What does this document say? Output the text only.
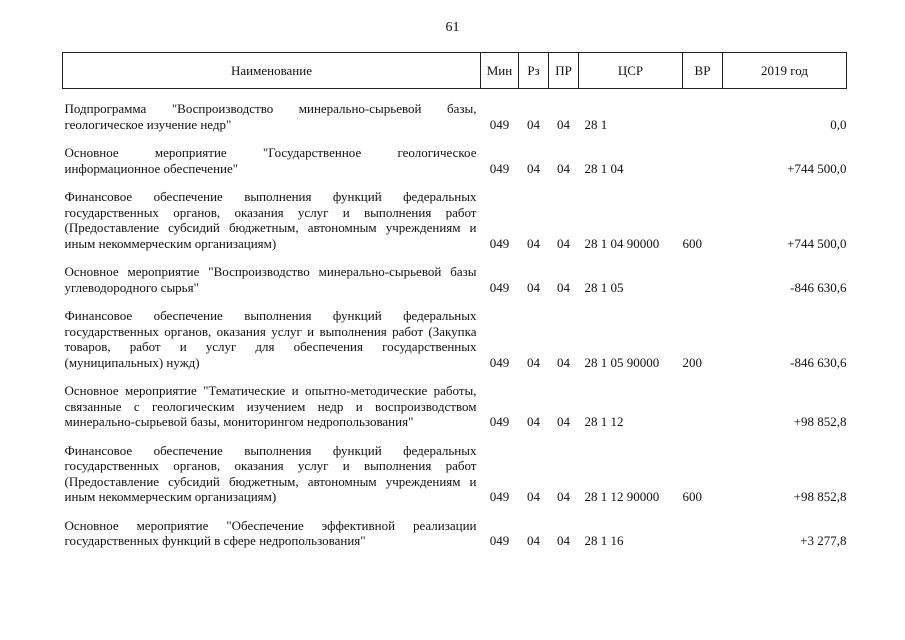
61
Наименование	Мин	Рз	ПР	ЦСР	ВР	2019 год
Подпрограмма "Воспроизводство минерально-сырьевой базы, геологическое изучение недр"	049	04	04	28 1		0,0
Основное мероприятие "Государственное геологическое информационное обеспечение"	049	04	04	28 1 04		+744 500,0
Финансовое обеспечение выполнения функций федеральных государственных органов, оказания услуг и выполнения работ (Предоставление субсидий бюджетным, автономным учреждениям и иным некоммерческим организациям)	049	04	04	28 1 04 90000	600	+744 500,0
Основное мероприятие "Воспроизводство минерально-сырьевой базы углеводородного сырья"	049	04	04	28 1 05		-846 630,6
Финансовое обеспечение выполнения функций федеральных государственных органов, оказания услуг и выполнения работ (Закупка товаров, работ и услуг для обеспечения государственных (муниципальных) нужд)	049	04	04	28 1 05 90000	200	-846 630,6
Основное мероприятие "Тематические и опытно-методические работы, связанные с геологическим изучением недр и воспроизводством минерально-сырьевой базы, мониторингом недропользования"	049	04	04	28 1 12		+98 852,8
Финансовое обеспечение выполнения функций федеральных государственных органов, оказания услуг и выполнения работ (Предоставление субсидий бюджетным, автономным учреждениям и иным некоммерческим организациям)	049	04	04	28 1 12 90000	600	+98 852,8
Основное мероприятие "Обеспечение эффективной реализации государственных функций в сфере недропользования"	049	04	04	28 1 16		+3 277,8
